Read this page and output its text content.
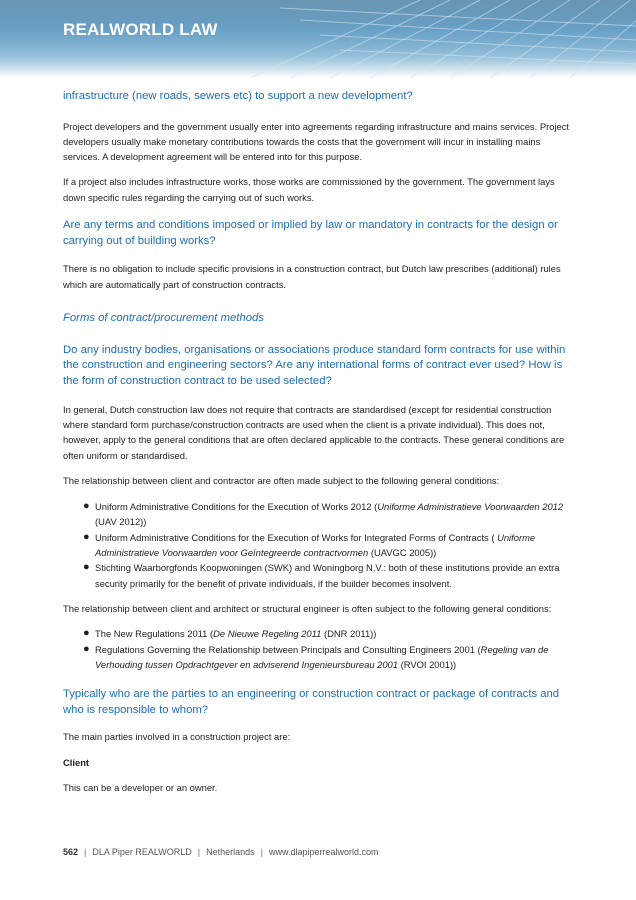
REALWORLD LAW

infrastructure (new roads, sewers etc) to support a new development?

Project developers and the government usually enter into agreements regarding infrastructure and mains services. Project developers usually make monetary contributions towards the costs that the government will incur in installing mains services. A development agreement will be entered into for this purpose.

If a project also includes infrastructure works, those works are commissioned by the government. The government lays down specific rules regarding the carrying out of such works.

Are any terms and conditions imposed or implied by law or mandatory in contracts for the design or carrying out of building works?

There is no obligation to include specific provisions in a construction contract, but Dutch law prescribes (additional) rules which are automatically part of construction contracts.

Forms of contract/procurement methods

Do any industry bodies, organisations or associations produce standard form contracts for use within the construction and engineering sectors? Are any international forms of contract ever used? How is the form of construction contract to be used selected?

In general, Dutch construction law does not require that contracts are standardised (except for residential construction where standard form purchase/construction contracts are used when the client is a private individual). This does not, however, apply to the general conditions that are often declared applicable to the contracts. These general conditions are often uniform or standardised.

The relationship between client and contractor are often made subject to the following general conditions:

● Uniform Administrative Conditions for the Execution of Works 2012 (Uniforme Administratieve Voorwaarden 2012 (UAV 2012))
● Uniform Administrative Conditions for the Execution of Works for Integrated Forms of Contracts ( Uniforme Administratieve Voorwaarden voor Geïntegreerde contractvormen (UAVGC 2005))
● Stichting Waarborgfonds Koopwoningen (SWK) and Woningborg N.V.: both of these institutions provide an extra security primarily for the benefit of private individuals, if the builder becomes insolvent.

The relationship between client and architect or structural engineer is often subject to the following general conditions:

● The New Regulations 2011 (De Nieuwe Regeling 2011 (DNR 2011))
● Regulations Governing the Relationship between Principals and Consulting Engineers 2001 (Regeling van de Verhouding tussen Opdrachtgever en adviserend Ingenieursbureau 2001 (RVOI 2001))

Typically who are the parties to an engineering or construction contract or package of contracts and who is responsible to whom?

The main parties involved in a construction project are:

Client

This can be a developer or an owner.

562 | DLA Piper REALWORLD | Netherlands | www.dlapiperrealworld.com
